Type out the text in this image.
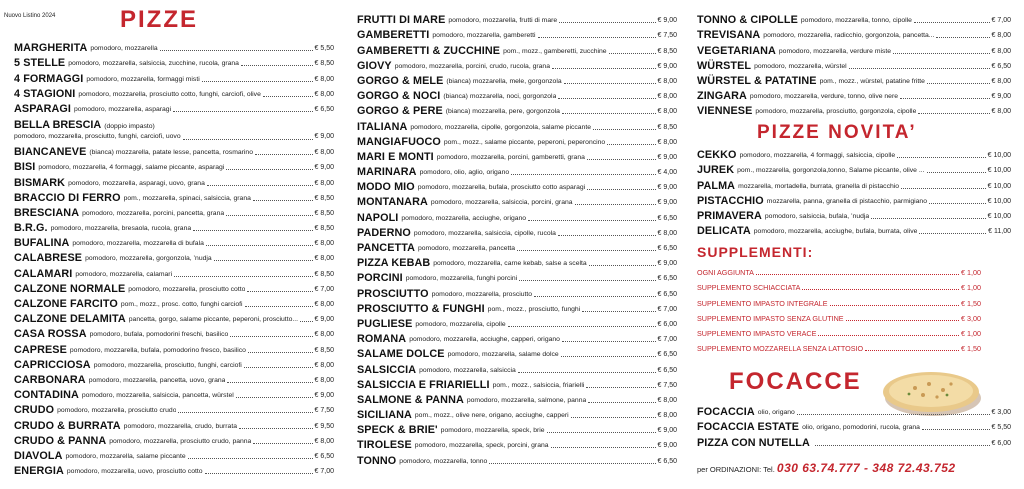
Nuovo Listino 2024	PIZZE
MARGHERITA pomodoro, mozzarella	€ 5,50
5 STELLE pomodoro, mozzarella, salsiccia, zucchine, rucola, grana	€ 8,50
4 FORMAGGI pomodoro, mozzarella, formaggi misti	€ 8,00
4 STAGIONI pomodoro, mozzarella, prosciutto cotto, funghi, carciofi, olive	€ 8,00
ASPARAGI pomodoro, mozzarella, asparagi	€ 6,50
BELLA BRESCIA (doppio impasto)
pomodoro, mozzarella, prosciutto, funghi, carciofi, uovo	€ 9,00
BIANCANEVE (bianca) mozzarella, patate lesse, pancetta, rosmarino	€ 8,00
BISI pomodoro, mozzarella, 4 formaggi, salame piccante, asparagi	€ 9,00
BISMARK pomodoro, mozzarella, asparagi, uovo, grana	€ 8,00
BRACCIO DI FERRO pom., mozzarella, spinaci, salsiccia, grana	€ 8,50
BRESCIANA pomodoro, mozzarella, porcini, pancetta, grana	€ 8,50
B.R.G. pomodoro, mozzarella, bresaola, rucola, grana	€ 8,50
BUFALINA pomodoro, mozzarella, mozzarella di bufala	€ 8,00
CALABRESE pomodoro, mozzarella, gorgonzola, ’nudja	€ 8,00
CALAMARI pomodoro, mozzarella, calamari	€ 8,50
CALZONE NORMALE pomodoro, mozzarella, prosciutto cotto	€ 7,00
CALZONE FARCITO pom., mozz., prosc. cotto, funghi carciofi	€ 8,00
CALZONE DELAMITA pancetta, gorgo, salame piccante, peperoni, prosciutto... € 9,00
CASA ROSSA pomodoro, bufala, pomodorini freschi, basilico	€ 8,00
CAPRESE pomodoro, mozzarella, bufala, pomodorino fresco, basilico	€ 8,50
CAPRICCIOSA pomodoro, mozzarella, prosciutto, funghi, carciofi	€ 8,00
CARBONARA pomodoro, mozzarella, pancetta, uovo, grana	€ 8,00
CONTADINA pomodoro, mozzarella, salsiccia, pancetta, würstel	€ 9,00
CRUDO pomodoro, mozzarella, prosciutto crudo	€ 7,50
CRUDO & BURRATA pomodoro, mozzarella, crudo, burrata	€ 9,50
CRUDO & PANNA pomodoro, mozzarella, prosciutto crudo, panna	€ 8,00
DIAVOLA pomodoro, mozzarella, salame piccante	€ 6,50
ENERGIA pomodoro, mozzarella, uovo, prosciutto cotto	€ 7,00
FRUTTI DI MARE pomodoro, mozzarella, frutti di mare	€ 9,00
GAMBERETTI pomodoro, mozzarella, gamberetti	€ 7,50
GAMBERETTI & ZUCCHINE pom., mozz., gamberetti, zucchine	€ 8,50
GIOVY pomodoro, mozzarella, porcini, crudo, rucola, grana	€ 9,00
GORGO & MELE (bianca) mozzarella, mele, gorgonzola	€ 8,00
GORGO & NOCI (bianca) mozzarella, noci, gorgonzola	€ 8,00
GORGO & PERE (bianca) mozzarella, pere, gorgonzola	€ 8,00
ITALIANA pomodoro, mozzarella, cipolle, gorgonzola, salame piccante	€ 8,50
MANGIAFUOCO pom., mozz., salame piccante, peperoni, peperoncino	€ 8,00
MARI E MONTI pomodoro, mozzarella, porcini, gamberetti, grana	€ 9,00
MARINARA pomodoro, olio, aglio, origano	€ 4,00
MODO MIO pomodoro, mozzarella, bufala, prosciutto cotto asparagi	€ 9,00
MONTANARA pomodoro, mozzarella, salsiccia, porcini, grana	€ 9,00
NAPOLI pomodoro, mozzarella, acciughe, origano	€ 6,50
PADERNO pomodoro, mozzarella, salsiccia, cipolle, rucola	€ 8,00
PANCETTA pomodoro, mozzarella, pancetta	€ 6,50
PIZZA KEBAB pomodoro, mozzarella, carne kebab, salse a scelta	€ 9,00
PORCINI pomodoro, mozzarella, funghi porcini	€ 6,50
PROSCIUTTO pomodoro, mozzarella, prosciutto	€ 6,50
PROSCIUTTO & FUNGHI pom., mozz., prosciutto, funghi	€ 7,00
PUGLIESE pomodoro, mozzarella, cipolle	€ 6,00
ROMANA pomodoro, mozzarella, acciughe, capperi, origano	€ 7,00
SALAME DOLCE pomodoro, mozzarella, salame dolce	€ 6,50
SALSICCIA pomodoro, mozzarella, salsiccia	€ 6,50
SALSICCIA E FRIARIELLI pom., mozz., salsiccia, friarielli	€ 7,50
SALMONE & PANNA pomodoro, mozzarella, salmone, panna	€ 8,00
SICILIANA pom., mozz., olive nere, origano, acciughe, capperi	€ 8,00
SPECK & BRIE' pomodoro, mozzarella, speck, brie	€ 9,00
TIROLESE pomodoro, mozzarella, speck, porcini, grana	€ 9,00
TONNO pomodoro, mozzarella, tonno	€ 6,50
TONNO & CIPOLLE pomodoro, mozzarella, tonno, cipolle	€ 7,00
TREVISANA pomodoro, mozzarella, radicchio, gorgonzola, pancetta...	€ 8,00
VEGETARIANA pomodoro, mozzarella, verdure miste	€ 8,00
WÜRSTEL pomodoro, mozzarella, würstel	€ 6,50
WÜRSTEL & PATATINE pom., mozz., würstel, patatine fritte	€ 8,00
ZINGARA pomodoro, mozzarella, verdure, tonno, olive nere	€ 9,00
VIENNESE pomodoro, mozzarella, prosciutto, gorgonzola, cipolle	€ 8,00
PIZZE NOVITA’
CEKKO pomodoro, mozzarella, 4 formaggi, salsiccia, cipolle	€ 10,00
JUREK pom., mozzarella, gorgonzola,tonno, Salame piccante, olive ...	€ 10,00
PALMA mozzarella, mortadella, burrata, granella di pistacchio	€ 10,00
PISTACCHIO mozzarella, panna, granella di pistacchio, parmigiano	€ 10,00
PRIMAVERA pomodoro, salsiccia, bufala, ’nudja	€ 10,00
DELICATA pomodoro, mozzarella, acciughe, bufala, burrata, olive	€ 11,00
SUPPLEMENTI:
OGNI AGGIUNTA	€ 1,00
SUPPLEMENTO SCHIACCIATA	€ 1,00
SUPPLEMENTO IMPASTO INTEGRALE	€ 1,50
SUPPLEMENTO IMPASTO SENZA GLUTINE	€ 3,00
SUPPLEMENTO IMPASTO VERACE	€ 1,00
SUPPLEMENTO MOZZARELLA SENZA LATTOSIO	€ 1,50
FOCACCE
FOCACCIA olio, origano	€ 3,00
FOCACCIA ESTATE olio, origano, pomodorini, rucola, grana	€ 5,50
PIZZA CON NUTELLA	€ 6,00
per ORDINAZIONI: Tel. 030 63.74.777 - 348 72.43.752
